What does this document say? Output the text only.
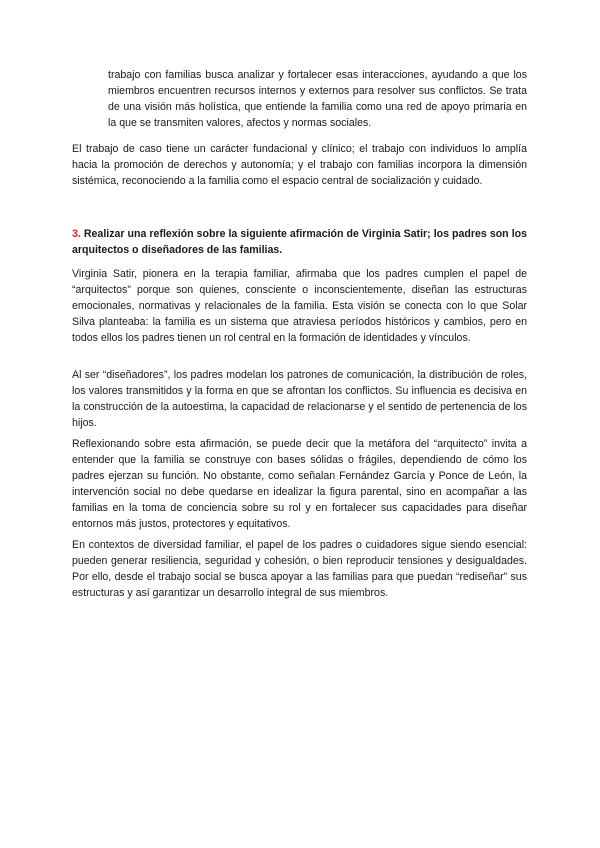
trabajo con familias busca analizar y fortalecer esas interacciones, ayudando a que los miembros encuentren recursos internos y externos para resolver sus conflictos. Se trata de una visión más holística, que entiende la familia como una red de apoyo primaria en la que se transmiten valores, afectos y normas sociales.

El trabajo de caso tiene un carácter fundacional y clínico; el trabajo con individuos lo amplía hacia la promoción de derechos y autonomía; y el trabajo con familias incorpora la dimensión sistémica, reconociendo a la familia como el espacio central de socialización y cuidado.

3. Realizar una reflexión sobre la siguiente afirmación de Virginia Satir; los padres son los arquitectos o diseñadores de las familias.

Virginia Satir, pionera en la terapia familiar, afirmaba que los padres cumplen el papel de “arquitectos” porque son quienes, consciente o inconscientemente, diseñan las estructuras emocionales, normativas y relacionales de la familia. Esta visión se conecta con lo que Solar Silva planteaba: la familia es un sistema que atraviesa períodos históricos y cambios, pero en todos ellos los padres tienen un rol central en la formación de identidades y vínculos.

Al ser “diseñadores”, los padres modelan los patrones de comunicación, la distribución de roles, los valores transmitidos y la forma en que se afrontan los conflictos. Su influencia es decisiva en la construcción de la autoestima, la capacidad de relacionarse y el sentido de pertenencia de los hijos.

Reflexionando sobre esta afirmación, se puede decir que la metáfora del “arquitecto” invita a entender que la familia se construye con bases sólidas o frágiles, dependiendo de cómo los padres ejerzan su función. No obstante, como señalan Fernández García y Ponce de León, la intervención social no debe quedarse en idealizar la figura parental, sino en acompañar a las familias en la toma de conciencia sobre su rol y en fortalecer sus capacidades para diseñar entornos más justos, protectores y equitativos.

En contextos de diversidad familiar, el papel de los padres o cuidadores sigue siendo esencial: pueden generar resiliencia, seguridad y cohesión, o bien reproducir tensiones y desigualdades. Por ello, desde el trabajo social se busca apoyar a las familias para que puedan “rediseñar” sus estructuras y así garantizar un desarrollo integral de sus miembros.
